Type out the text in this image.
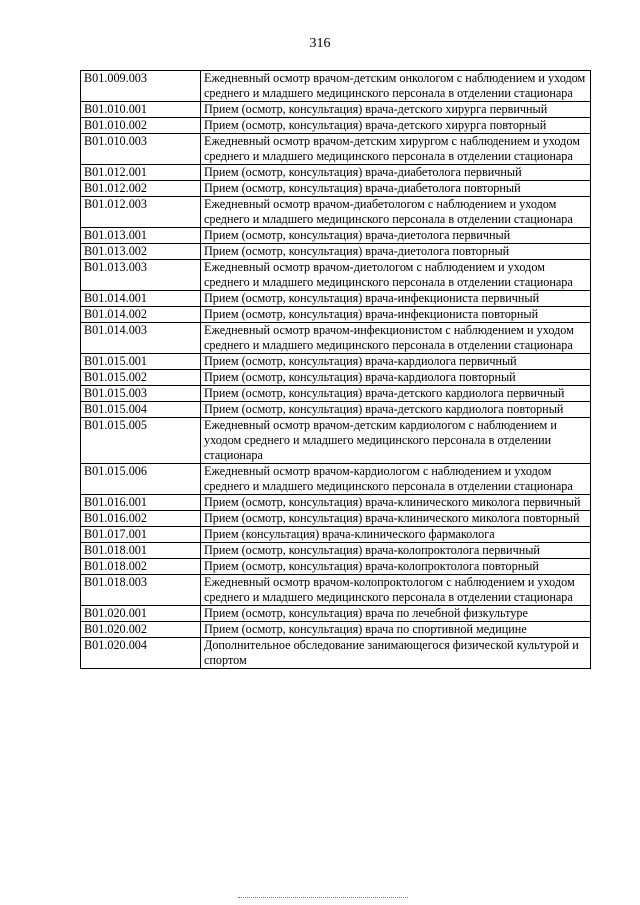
316
B01.009.003	Ежедневный осмотр врачом-детским онкологом с наблюдением и уходом среднего и младшего медицинского персонала в отделении стационара
B01.010.001	Прием (осмотр, консультация) врача-детского хирурга первичный
B01.010.002	Прием (осмотр, консультация) врача-детского хирурга повторный
B01.010.003	Ежедневный осмотр врачом-детским хирургом с наблюдением и уходом среднего и младшего медицинского персонала в отделении стационара
B01.012.001	Прием (осмотр, консультация) врача-диабетолога первичный
B01.012.002	Прием (осмотр, консультация) врача-диабетолога повторный
B01.012.003	Ежедневный осмотр врачом-диабетологом с наблюдением и уходом среднего и младшего медицинского персонала в отделении стационара
B01.013.001	Прием (осмотр, консультация) врача-диетолога первичный
B01.013.002	Прием (осмотр, консультация) врача-диетолога повторный
B01.013.003	Ежедневный осмотр врачом-диетологом с наблюдением и уходом среднего и младшего медицинского персонала в отделении стационара
B01.014.001	Прием (осмотр, консультация) врача-инфекциониста первичный
B01.014.002	Прием (осмотр, консультация) врача-инфекциониста повторный
B01.014.003	Ежедневный осмотр врачом-инфекционистом с наблюдением и уходом среднего и младшего медицинского персонала в отделении стационара
B01.015.001	Прием (осмотр, консультация) врача-кардиолога первичный
B01.015.002	Прием (осмотр, консультация) врача-кардиолога повторный
B01.015.003	Прием (осмотр, консультация) врача-детского кардиолога первичный
B01.015.004	Прием (осмотр, консультация) врача-детского кардиолога повторный
B01.015.005	Ежедневный осмотр врачом-детским кардиологом с наблюдением и уходом среднего и младшего медицинского персонала в отделении стационара
B01.015.006	Ежедневный осмотр врачом-кардиологом с наблюдением и уходом среднего и младшего медицинского персонала в отделении стационара
B01.016.001	Прием (осмотр, консультация) врача-клинического миколога первичный
B01.016.002	Прием (осмотр, консультация) врача-клинического миколога повторный
B01.017.001	Прием (консультация) врача-клинического фармаколога
B01.018.001	Прием (осмотр, консультация) врача-колопроктолога первичный
B01.018.002	Прием (осмотр, консультация) врача-колопроктолога повторный
B01.018.003	Ежедневный осмотр врачом-колопроктологом с наблюдением и уходом среднего и младшего медицинского персонала в отделении стационара
B01.020.001	Прием (осмотр, консультация) врача по лечебной физкультуре
B01.020.002	Прием (осмотр, консультация) врача по спортивной медицине
B01.020.004	Дополнительное обследование занимающегося физической культурой и спортом
